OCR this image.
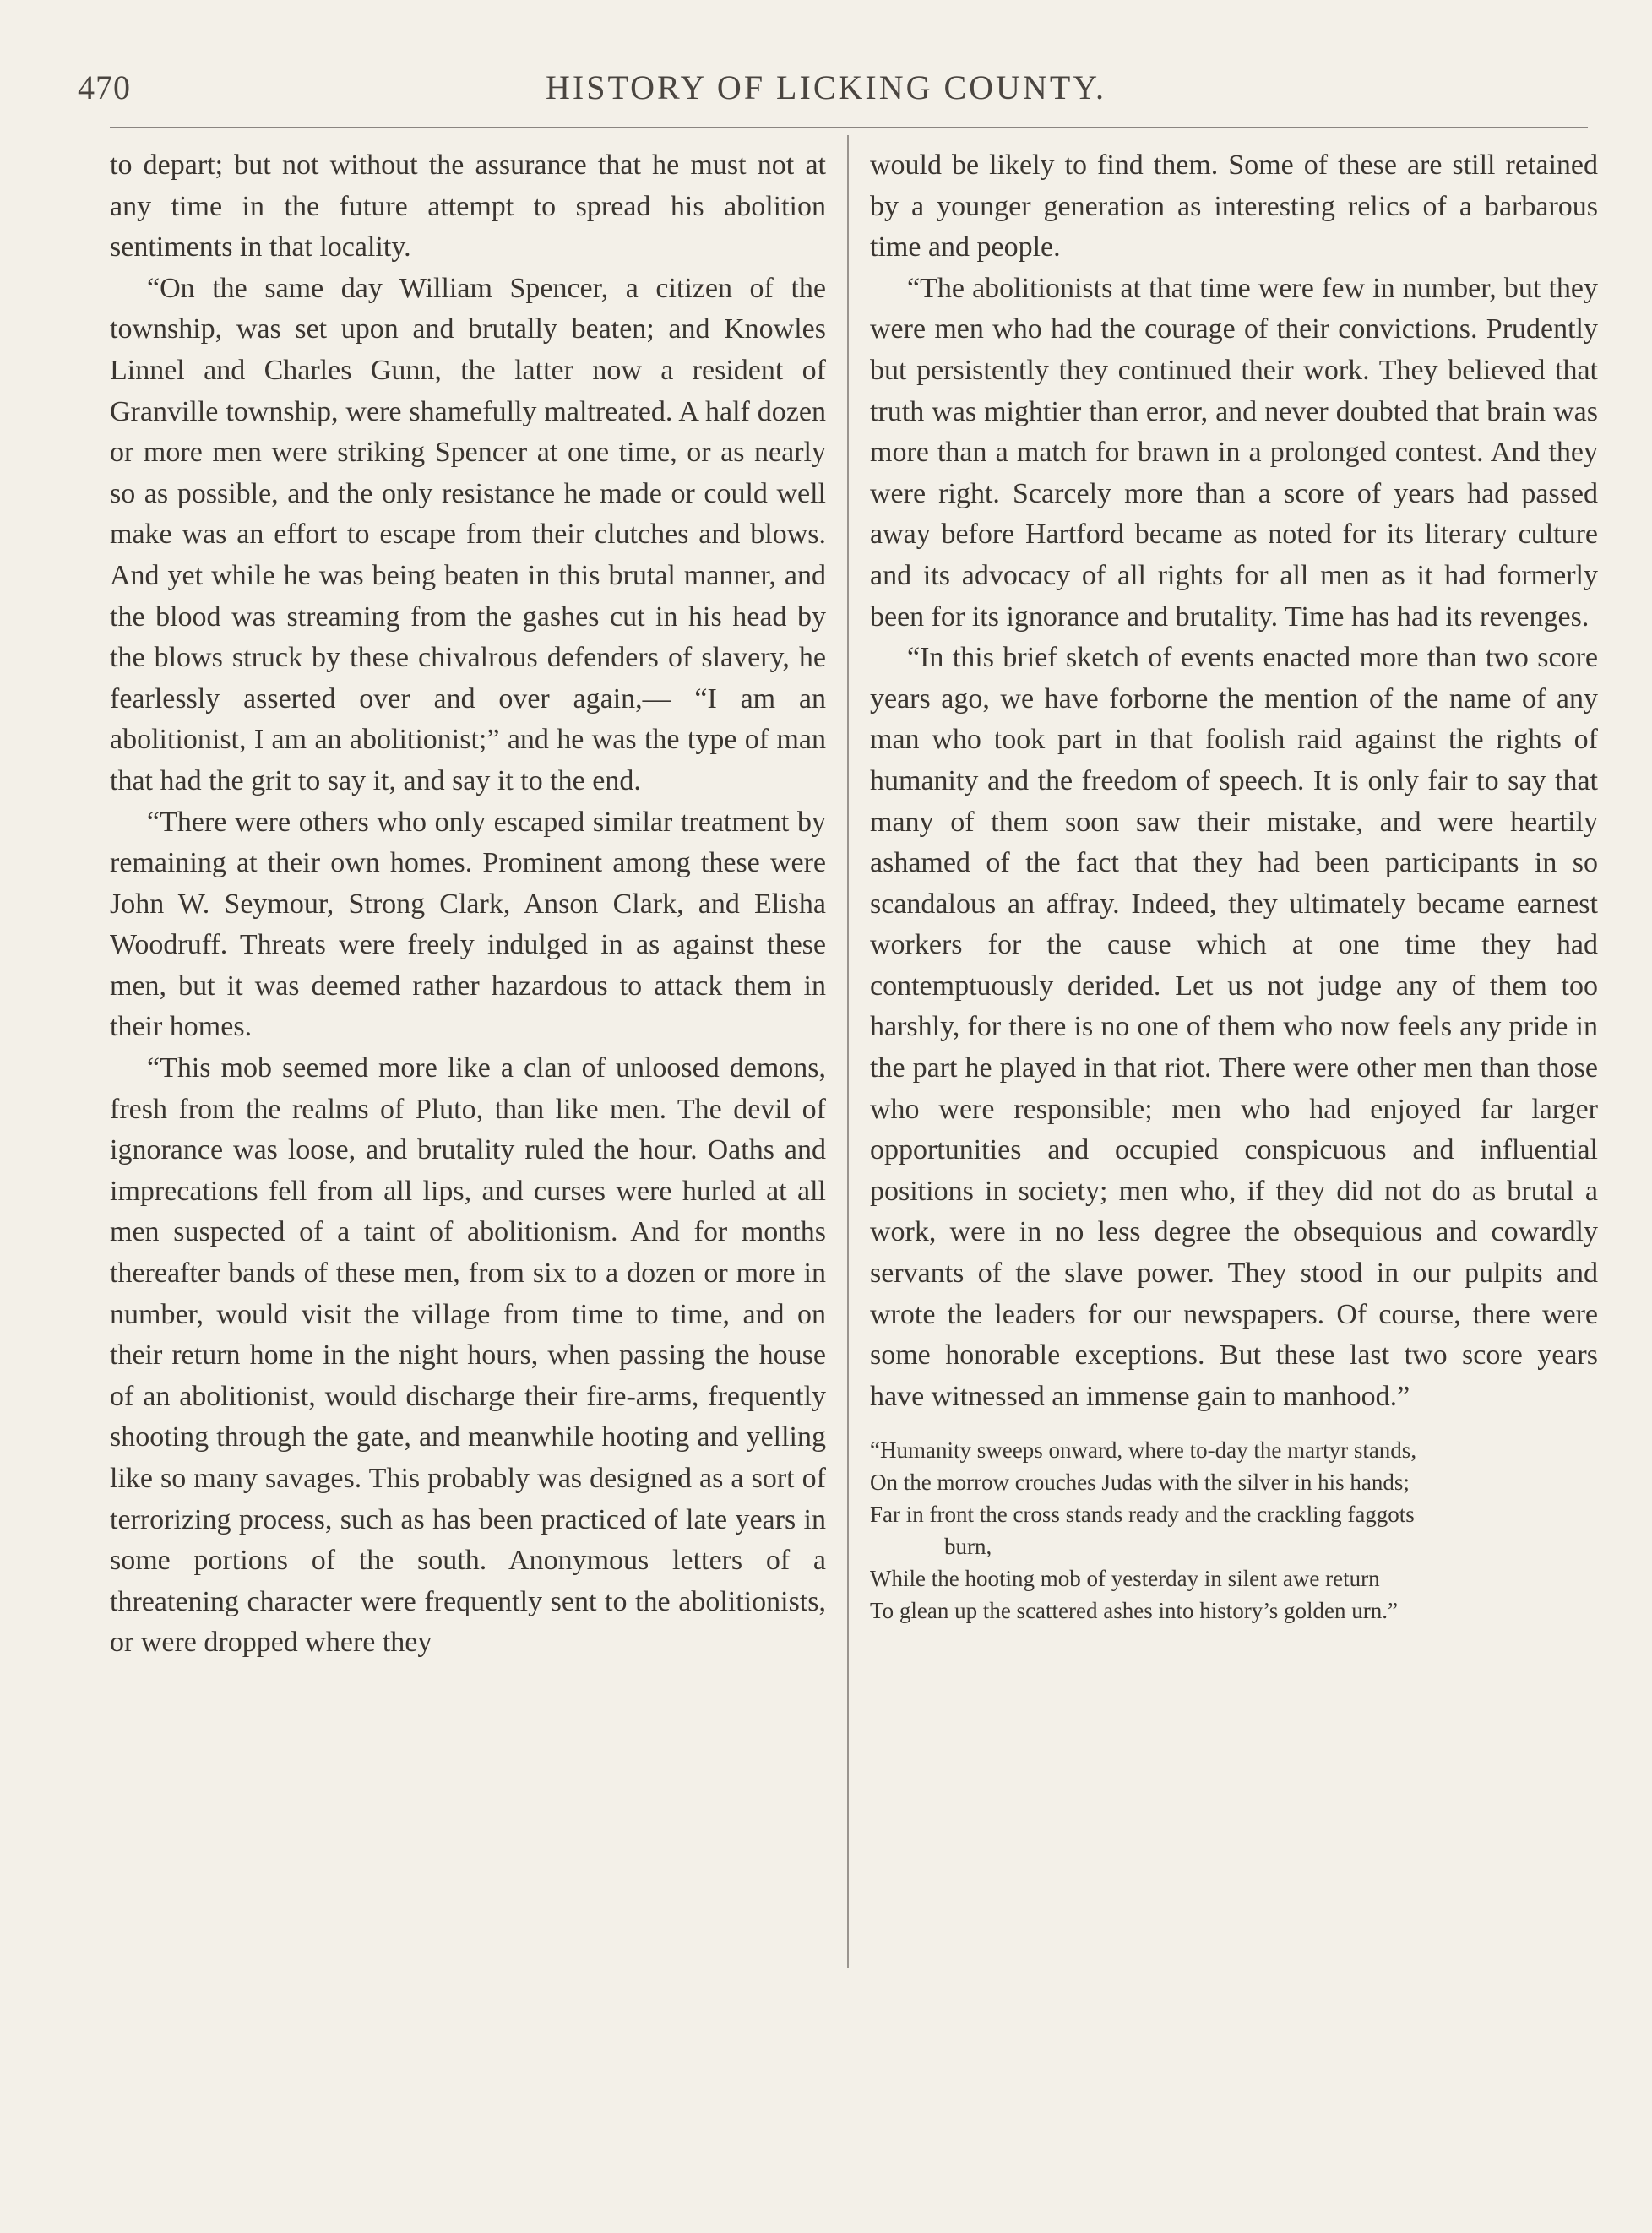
470	HISTORY OF LICKING COUNTY.

to depart; but not without the assurance that he must not at any time in the future attempt to spread his abolition sentiments in that locality.

“On the same day William Spencer, a citizen of the township, was set upon and brutally beaten; and Knowles Linnel and Charles Gunn, the latter now a resident of Granville township, were shamefully maltreated. A half dozen or more men were striking Spencer at one time, or as nearly so as possible, and the only resistance he made or could well make was an effort to escape from their clutches and blows. And yet while he was being beaten in this brutal manner, and the blood was streaming from the gashes cut in his head by the blows struck by these chivalrous defenders of slavery, he fearlessly asserted over and over again,— “I am an abolitionist, I am an abolitionist;” and he was the type of man that had the grit to say it, and say it to the end.

“There were others who only escaped similar treatment by remaining at their own homes. Prominent among these were John W. Seymour, Strong Clark, Anson Clark, and Elisha Woodruff. Threats were freely indulged in as against these men, but it was deemed rather hazardous to attack them in their homes.

“This mob seemed more like a clan of unloosed demons, fresh from the realms of Pluto, than like men. The devil of ignorance was loose, and brutality ruled the hour. Oaths and imprecations fell from all lips, and curses were hurled at all men suspected of a taint of abolitionism. And for months thereafter bands of these men, from six to a dozen or more in number, would visit the village from time to time, and on their return home in the night hours, when passing the house of an abolitionist, would discharge their fire-arms, frequently shooting through the gate, and meanwhile hooting and yelling like so many savages. This probably was designed as a sort of terrorizing process, such as has been practiced of late years in some portions of the south. Anonymous letters of a threatening character were frequently sent to the abolitionists, or were dropped where they

would be likely to find them. Some of these are still retained by a younger generation as interesting relics of a barbarous time and people.

“The abolitionists at that time were few in number, but they were men who had the courage of their convictions. Prudently but persistently they continued their work. They believed that truth was mightier than error, and never doubted that brain was more than a match for brawn in a prolonged contest. And they were right. Scarcely more than a score of years had passed away before Hartford became as noted for its literary culture and its advocacy of all rights for all men as it had formerly been for its ignorance and brutality. Time has had its revenges.

“In this brief sketch of events enacted more than two score years ago, we have forborne the mention of the name of any man who took part in that foolish raid against the rights of humanity and the freedom of speech. It is only fair to say that many of them soon saw their mistake, and were heartily ashamed of the fact that they had been participants in so scandalous an affray. Indeed, they ultimately became earnest workers for the cause which at one time they had contemptuously derided. Let us not judge any of them too harshly, for there is no one of them who now feels any pride in the part he played in that riot. There were other men than those who were responsible; men who had enjoyed far larger opportunities and occupied conspicuous and influential positions in society; men who, if they did not do as brutal a work, were in no less degree the obsequious and cowardly servants of the slave power. They stood in our pulpits and wrote the leaders for our newspapers. Of course, there were some honorable exceptions. But these last two score years have witnessed an immense gain to manhood.”

“Humanity sweeps onward, where to-day the martyr stands,
On the morrow crouches Judas with the silver in his hands;
Far in front the cross stands ready and the crackling faggots
burn,
While the hooting mob of yesterday in silent awe return
To glean up the scattered ashes into history’s golden urn.”
